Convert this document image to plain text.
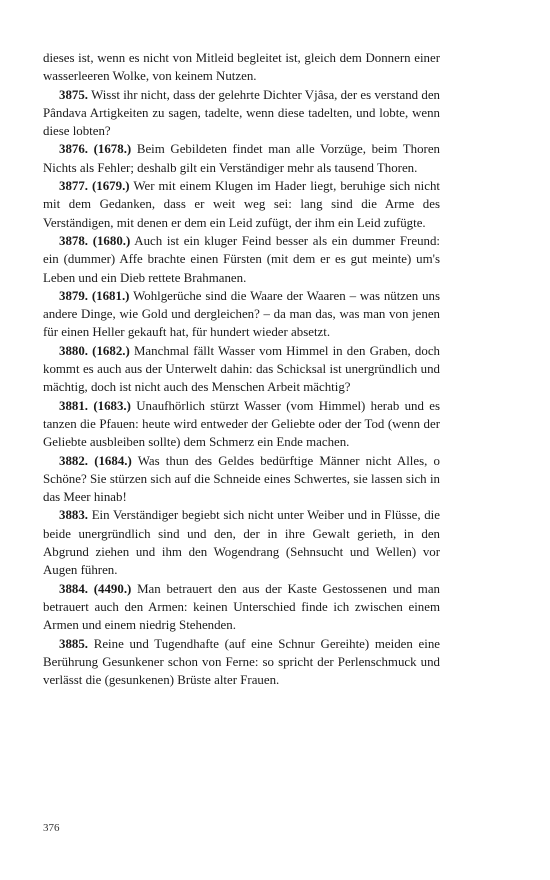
dieses ist, wenn es nicht von Mitleid begleitet ist, gleich dem Donnern einer wasserleeren Wolke, von keinem Nutzen.

3875. Wisst ihr nicht, dass der gelehrte Dichter Vjâsa, der es verstand den Pândava Artigkeiten zu sagen, tadelte, wenn diese tadelten, und lobte, wenn diese lobten?

3876. (1678.) Beim Gebildeten findet man alle Vorzüge, beim Thoren Nichts als Fehler; deshalb gilt ein Verständiger mehr als tausend Thoren.

3877. (1679.) Wer mit einem Klugen im Hader liegt, beruhige sich nicht mit dem Gedanken, dass er weit weg sei: lang sind die Arme des Verständigen, mit denen er dem ein Leid zufügt, der ihm ein Leid zufügte.

3878. (1680.) Auch ist ein kluger Feind besser als ein dummer Freund: ein (dummer) Affe brachte einen Fürsten (mit dem er es gut meinte) um's Leben und ein Dieb rettete Brahmanen.

3879. (1681.) Wohlgerüche sind die Waare der Waaren – was nützen uns andere Dinge, wie Gold und dergleichen? – da man das, was man von jenen für einen Heller gekauft hat, für hundert wieder absetzt.

3880. (1682.) Manchmal fällt Wasser vom Himmel in den Graben, doch kommt es auch aus der Unterwelt dahin: das Schicksal ist unergründlich und mächtig, doch ist nicht auch des Menschen Arbeit mächtig?

3881. (1683.) Unaufhörlich stürzt Wasser (vom Himmel) herab und es tanzen die Pfauen: heute wird entweder der Geliebte oder der Tod (wenn der Geliebte ausbleiben sollte) dem Schmerz ein Ende machen.

3882. (1684.) Was thun des Geldes bedürftige Männer nicht Alles, o Schöne? Sie stürzen sich auf die Schneide eines Schwertes, sie lassen sich in das Meer hinab!

3883. Ein Verständiger begiebt sich nicht unter Weiber und in Flüsse, die beide unergründlich sind und den, der in ihre Gewalt gerieth, in den Abgrund ziehen und ihm den Wogendrang (Sehnsucht und Wellen) vor Augen führen.

3884. (4490.) Man betrauert den aus der Kaste Gestossenen und man betrauert auch den Armen: keinen Unterschied finde ich zwischen einem Armen und einem niedrig Stehenden.

3885. Reine und Tugendhafte (auf eine Schnur Gereihte) meiden eine Berührung Gesunkener schon von Ferne: so spricht der Perlenschmuck und verlässt die (gesunkenen) Brüste alter Frauen.

376
